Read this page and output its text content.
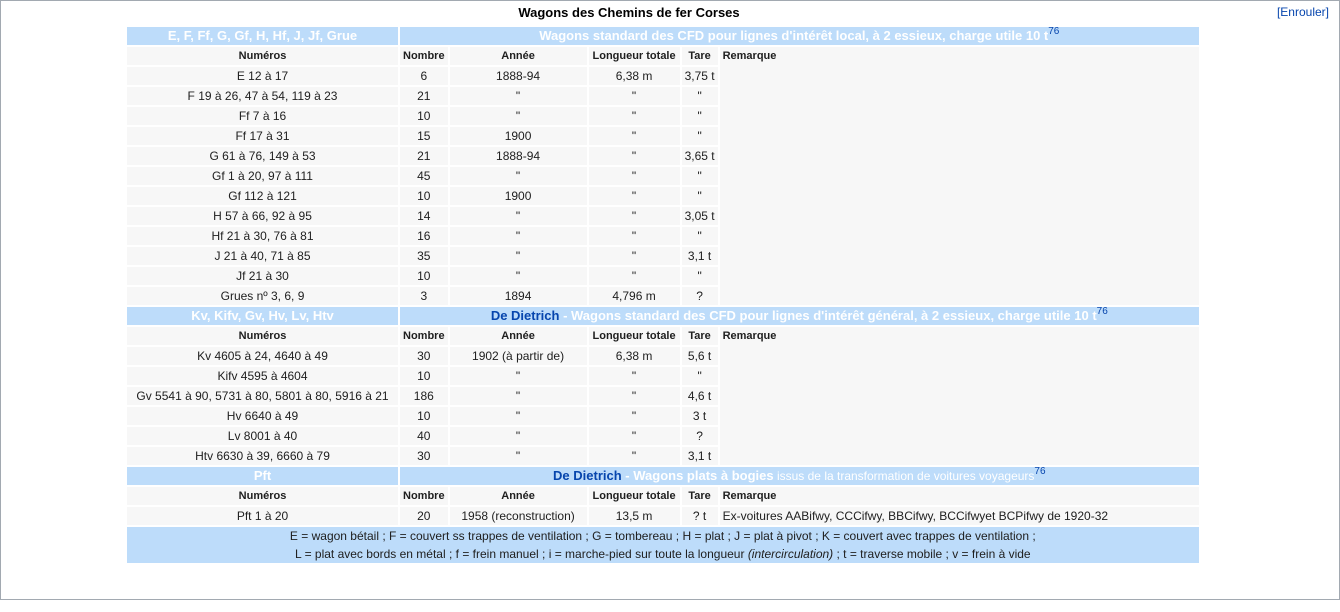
Wagons des Chemins de fer Corses	[Enrouler]
E, F, Ff, G, Gf, H, Hf, J, Jf, Grue	Wagons standard des CFD pour lignes d'intérêt local, à 2 essieux, charge utile 10 $t^{76}$
Numéros	Nombre	Année	Longueur totale	Tare	Remarque
E 12 à 17	6	1888-94	6,38 m	3,75 t	
F 19 à 26, 47 à 54, 119 à 23	21	"	"	"	
Ff 7 à 16	10	"	"	"	
Ff 17 à 31	15	1900	"	"	
G 61 à 76, 149 à 53	21	1888-94	"	3,65 t	
Gf 1 à 20, 97 à 111	45	"	"	"	
Gf 112 à 121	10	1900	"	"	
H 57 à 66, 92 à 95	14	"	"	3,05 t	
Hf 21 à 30, 76 à 81	16	"	"	"	
J 21 à 40, 71 à 85	35	"	"	3,1 t	
Jf 21 à 30	10	"	"	"	
Grues nº 3, 6, 9	3	1894	4,796 m	?	
Kv, Kifv, Gv, Hv, Lv, Htv	De Dietrich - Wagons standard des CFD pour lignes d'intérêt général, à 2 essieux, charge utile 10 $t^{76}$
Numéros	Nombre	Année	Longueur totale	Tare	Remarque
Kv 4605 à 24, 4640 à 49	30	1902 (à partir de)	6,38 m	5,6 t	
Kifv 4595 à 4604	10	"	"	"	
Gv 5541 à 90, 5731 à 80, 5801 à 80, 5916 à 21	186	"	"	4,6 t	
Hv 6640 à 49	10	"	"	3 t	
Lv 8001 à 40	40	"	"	?	
Htv 6630 à 39, 6660 à 79	30	"	"	3,1 t	
Pft	De Dietrich - Wagons plats à bogies issus de la transformation de voitures voyageurs$^{76}$
Numéros	Nombre	Année	Longueur totale	Tare	Remarque
Pft 1 à 20	20	1958 (reconstruction)	13,5 m	? t	Ex-voitures AABifwy, CCCifwy, BBCifwy, BCCifwyet BCPifwy de 1920-32

E = wagon bétail ; F = couvert ss trappes de ventilation ; G = tombereau ; H = plat ; J = plat à pivot ; K = couvert avec trappes de ventilation ;
L = plat avec bords en métal ; f = frein manuel ; i = marche-pied sur toute la longueur (intercirculation) ; t = traverse mobile ; v = frein à vide					
